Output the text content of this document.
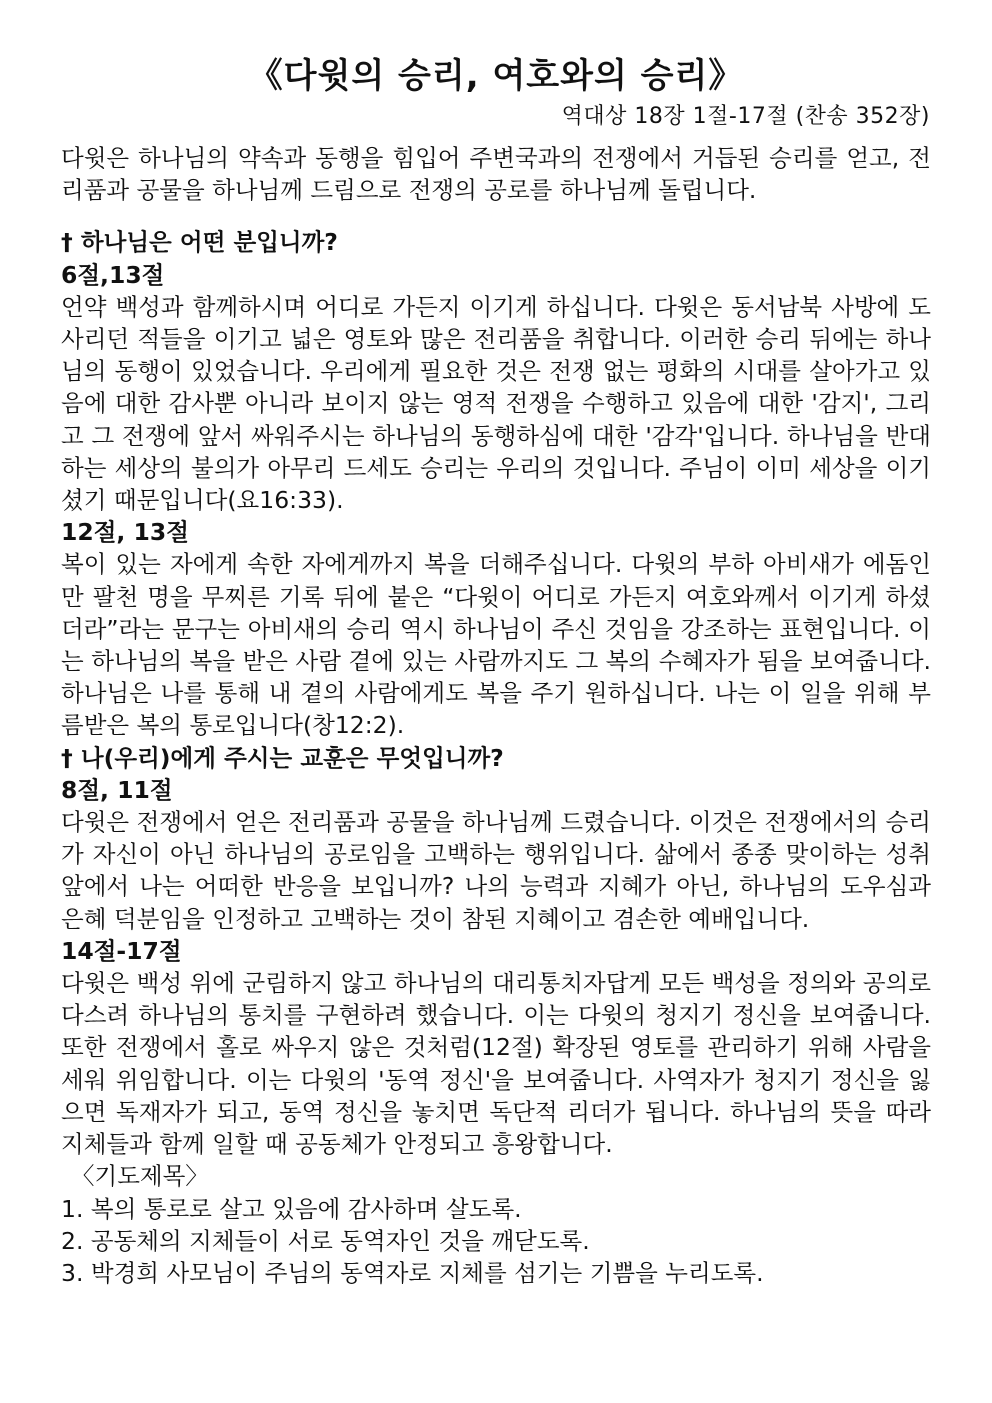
《다윗의 승리, 여호와의 승리》
역대상 18장 1절-17절 (찬송 352장)

다윗은 하나님의 약속과 동행을 힘입어 주변국과의 전쟁에서 거듭된 승리를 얻고, 전리품과 공물을 하나님께 드림으로 전쟁의 공로를 하나님께 돌립니다.

† 하나님은 어떤 분입니까?

6절,13절

언약 백성과 함께하시며 어디로 가든지 이기게 하십니다. 다윗은 동서남북 사방에 도사리던 적들을 이기고 넓은 영토와 많은 전리품을 취합니다. 이러한 승리 뒤에는 하나님의 동행이 있었습니다. 우리에게 필요한 것은 전쟁 없는 평화의 시대를 살아가고 있음에 대한 감사뿐 아니라 보이지 않는 영적 전쟁을 수행하고 있음에 대한 '감지', 그리고 그 전쟁에 앞서 싸워주시는 하나님의 동행하심에 대한 '감각'입니다. 하나님을 반대하는 세상의 불의가 아무리 드세도 승리는 우리의 것입니다. 주님이 이미 세상을 이기셨기 때문입니다(요16:33).

12절, 13절

복이 있는 자에게 속한 자에게까지 복을 더해주십니다. 다윗의 부하 아비새가 에돔인 만 팔천 명을 무찌른 기록 뒤에 붙은 “다윗이 어디로 가든지 여호와께서 이기게 하셨더라”라는 문구는 아비새의 승리 역시 하나님이 주신 것임을 강조하는 표현입니다. 이는 하나님의 복을 받은 사람 곁에 있는 사람까지도 그 복의 수혜자가 됨을 보여줍니다. 하나님은 나를 통해 내 곁의 사람에게도 복을 주기 원하십니다. 나는 이 일을 위해 부름받은 복의 통로입니다(창12:2).

† 나(우리)에게 주시는 교훈은 무엇입니까?

8절, 11절

다윗은 전쟁에서 얻은 전리품과 공물을 하나님께 드렸습니다. 이것은 전쟁에서의 승리가 자신이 아닌 하나님의 공로임을 고백하는 행위입니다. 삶에서 종종 맞이하는 성취 앞에서 나는 어떠한 반응을 보입니까? 나의 능력과 지혜가 아닌, 하나님의 도우심과 은혜 덕분임을 인정하고 고백하는 것이 참된 지혜이고 겸손한 예배입니다.

14절-17절

다윗은 백성 위에 군림하지 않고 하나님의 대리통치자답게 모든 백성을 정의와 공의로 다스려 하나님의 통치를 구현하려 했습니다. 이는 다윗의 청지기 정신을 보여줍니다. 또한 전쟁에서 홀로 싸우지 않은 것처럼(12절) 확장된 영토를 관리하기 위해 사람을 세워 위임합니다. 이는 다윗의 '동역 정신'을 보여줍니다. 사역자가 청지기 정신을 잃으면 독재자가 되고, 동역 정신을 놓치면 독단적 리더가 됩니다. 하나님의 뜻을 따라 지체들과 함께 일할 때 공동체가 안정되고 흥왕합니다.

〈기도제목〉

1. 복의 통로로 살고 있음에 감사하며 살도록.

2. 공동체의 지체들이 서로 동역자인 것을 깨닫도록.

3. 박경희 사모님이 주님의 동역자로 지체를 섬기는 기쁨을 누리도록.
